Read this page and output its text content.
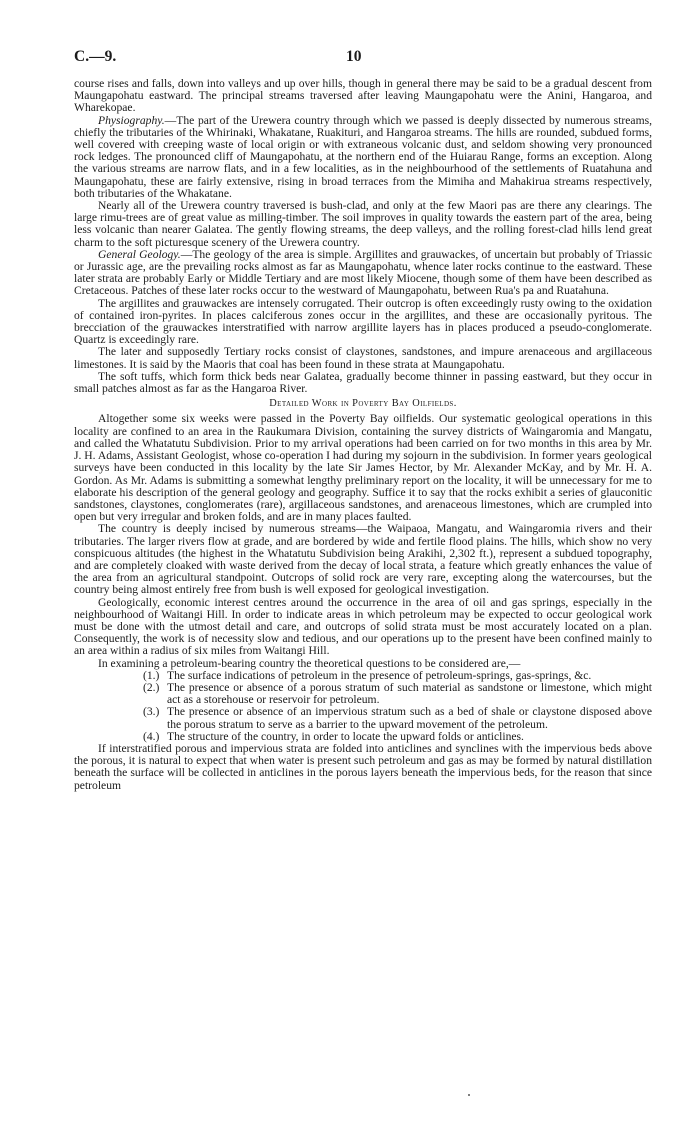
C.—9.	10

course rises and falls, down into valleys and up over hills, though in general there may be said to be a gradual descent from Maungapohatu eastward. The principal streams traversed after leaving Maungapohatu were the Anini, Hangaroa, and Wharekopae.

Physiography.—The part of the Urewera country through which we passed is deeply dissected by numerous streams, chiefly the tributaries of the Whirinaki, Whakatane, Ruakituri, and Hangaroa streams. The hills are rounded, subdued forms, well covered with creeping waste of local origin or with extraneous volcanic dust, and seldom showing very pronounced rock ledges. The pronounced cliff of Maungapohatu, at the northern end of the Huiarau Range, forms an exception. Along the various streams are narrow flats, and in a few localities, as in the neighbourhood of the settlements of Ruatahuna and Maungapohatu, these are fairly extensive, rising in broad terraces from the Mimiha and Mahakirua streams respectively, both tributaries of the Whakatane.

Nearly all of the Urewera country traversed is bush-clad, and only at the few Maori pas are there any clearings. The large rimu-trees are of great value as milling-timber. The soil improves in quality towards the eastern part of the area, being less volcanic than nearer Galatea. The gently flowing streams, the deep valleys, and the rolling forest-clad hills lend great charm to the soft picturesque scenery of the Urewera country.

General Geology.—The geology of the area is simple. Argillites and grauwackes, of uncertain but probably of Triassic or Jurassic age, are the prevailing rocks almost as far as Maungapohatu, whence later rocks continue to the eastward. These later strata are probably Early or Middle Tertiary and are most likely Miocene, though some of them have been described as Cretaceous. Patches of these later rocks occur to the westward of Maungapohatu, between Rua's pa and Ruatahuna.

The argillites and grauwackes are intensely corrugated. Their outcrop is often exceedingly rusty owing to the oxidation of contained iron-pyrites. In places calciferous zones occur in the argillites, and these are occasionally pyritous. The brecciation of the grauwackes interstratified with narrow argillite layers has in places produced a pseudo-conglomerate. Quartz is exceedingly rare.

The later and supposedly Tertiary rocks consist of claystones, sandstones, and impure arenaceous and argillaceous limestones. It is said by the Maoris that coal has been found in these strata at Maungapohatu.

The soft tuffs, which form thick beds near Galatea, gradually become thinner in passing eastward, but they occur in small patches almost as far as the Hangaroa River.

Detailed Work in Poverty Bay Oilfields.

Altogether some six weeks were passed in the Poverty Bay oilfields. Our systematic geological operations in this locality are confined to an area in the Raukumara Division, containing the survey districts of Waingaromia and Mangatu, and called the Whatatutu Subdivision. Prior to my arrival operations had been carried on for two months in this area by Mr. J. H. Adams, Assistant Geologist, whose co-operation I had during my sojourn in the subdivision. In former years geological surveys have been conducted in this locality by the late Sir James Hector, by Mr. Alexander McKay, and by Mr. H. A. Gordon. As Mr. Adams is submitting a somewhat lengthy preliminary report on the locality, it will be unnecessary for me to elaborate his description of the general geology and geography. Suffice it to say that the rocks exhibit a series of glauconitic sandstones, claystones, conglomerates (rare), argillaceous sandstones, and arenaceous limestones, which are crumpled into open but very irregular and broken folds, and are in many places faulted.

The country is deeply incised by numerous streams—the Waipaoa, Mangatu, and Waingaromia rivers and their tributaries. The larger rivers flow at grade, and are bordered by wide and fertile flood plains. The hills, which show no very conspicuous altitudes (the highest in the Whatatutu Subdivision being Arakihi, 2,302 ft.), represent a subdued topography, and are completely cloaked with waste derived from the decay of local strata, a feature which greatly enhances the value of the area from an agricultural standpoint. Outcrops of solid rock are very rare, excepting along the watercourses, but the country being almost entirely free from bush is well exposed for geological investigation.

Geologically, economic interest centres around the occurrence in the area of oil and gas springs, especially in the neighbourhood of Waitangi Hill. In order to indicate areas in which petroleum may be expected to occur geological work must be done with the utmost detail and care, and outcrops of solid strata must be most accurately located on a plan. Consequently, the work is of necessity slow and tedious, and our operations up to the present have been confined mainly to an area within a radius of six miles from Waitangi Hill.

In examining a petroleum-bearing country the theoretical questions to be considered are,—

(1.) The surface indications of petroleum in the presence of petroleum-springs, gas-springs, &c.
(2.) The presence or absence of a porous stratum of such material as sandstone or limestone, which might act as a storehouse or reservoir for petroleum.
(3.) The presence or absence of an impervious stratum such as a bed of shale or claystone disposed above the porous stratum to serve as a barrier to the upward movement of the petroleum.
(4.) The structure of the country, in order to locate the upward folds or anticlines.

If interstratified porous and impervious strata are folded into anticlines and synclines with the impervious beds above the porous, it is natural to expect that when water is present such petroleum and gas as may be formed by natural distillation beneath the surface will be collected in anticlines in the porous layers beneath the impervious beds, for the reason that since petroleum
